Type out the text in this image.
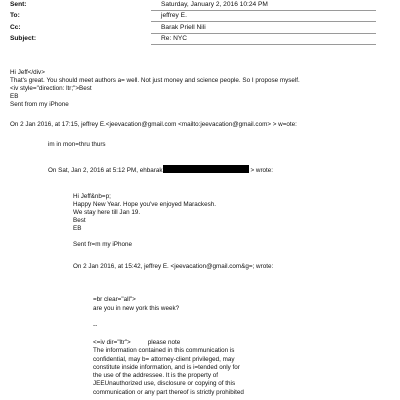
Sent:	Saturday, January 2, 2016 10:24 PM
To:	jeffrey E.
Cc:	Barak Priell Nili
Subject:	Re: NYC
Hi Jeff</div>
That's great. You should meet authors a= well. Not just money and science people. So I propose myself.
<iv style="direction: ltr;">Best
EB
Sent from my iPhone
On 2 Jan 2016, at 17:15, jeffrey E.<jeevacation@gmail.com <mailto:jeevacation@gmail.com> > w=ote:
im in mon=thru thurs
On Sat, Jan 2, 2016 at 5:12 PM, ehbarak	> wrote:
Hi Jeff&nb=p;
Happy New Year. Hope you've enjoyed Marackesh.
We stay here till Jan 19.
Best
EB
Sent fr=m my iPhone
On 2 Jan 2016, at 15:42, jeffrey E. <jeevacation@gmail.com&g=; wrote:
=br clear="all">
are you in new york this week?
--
<=iv dir="ltr">	please note
The information contained in this communication is
confidential, may b= attorney-client privileged, may
constitute inside information, and is i=tended only for
the use of the addressee. It is the property of
JEEUnauthorized use, disclosure or copying of this
communication or any part thereof is strictly prohibited
